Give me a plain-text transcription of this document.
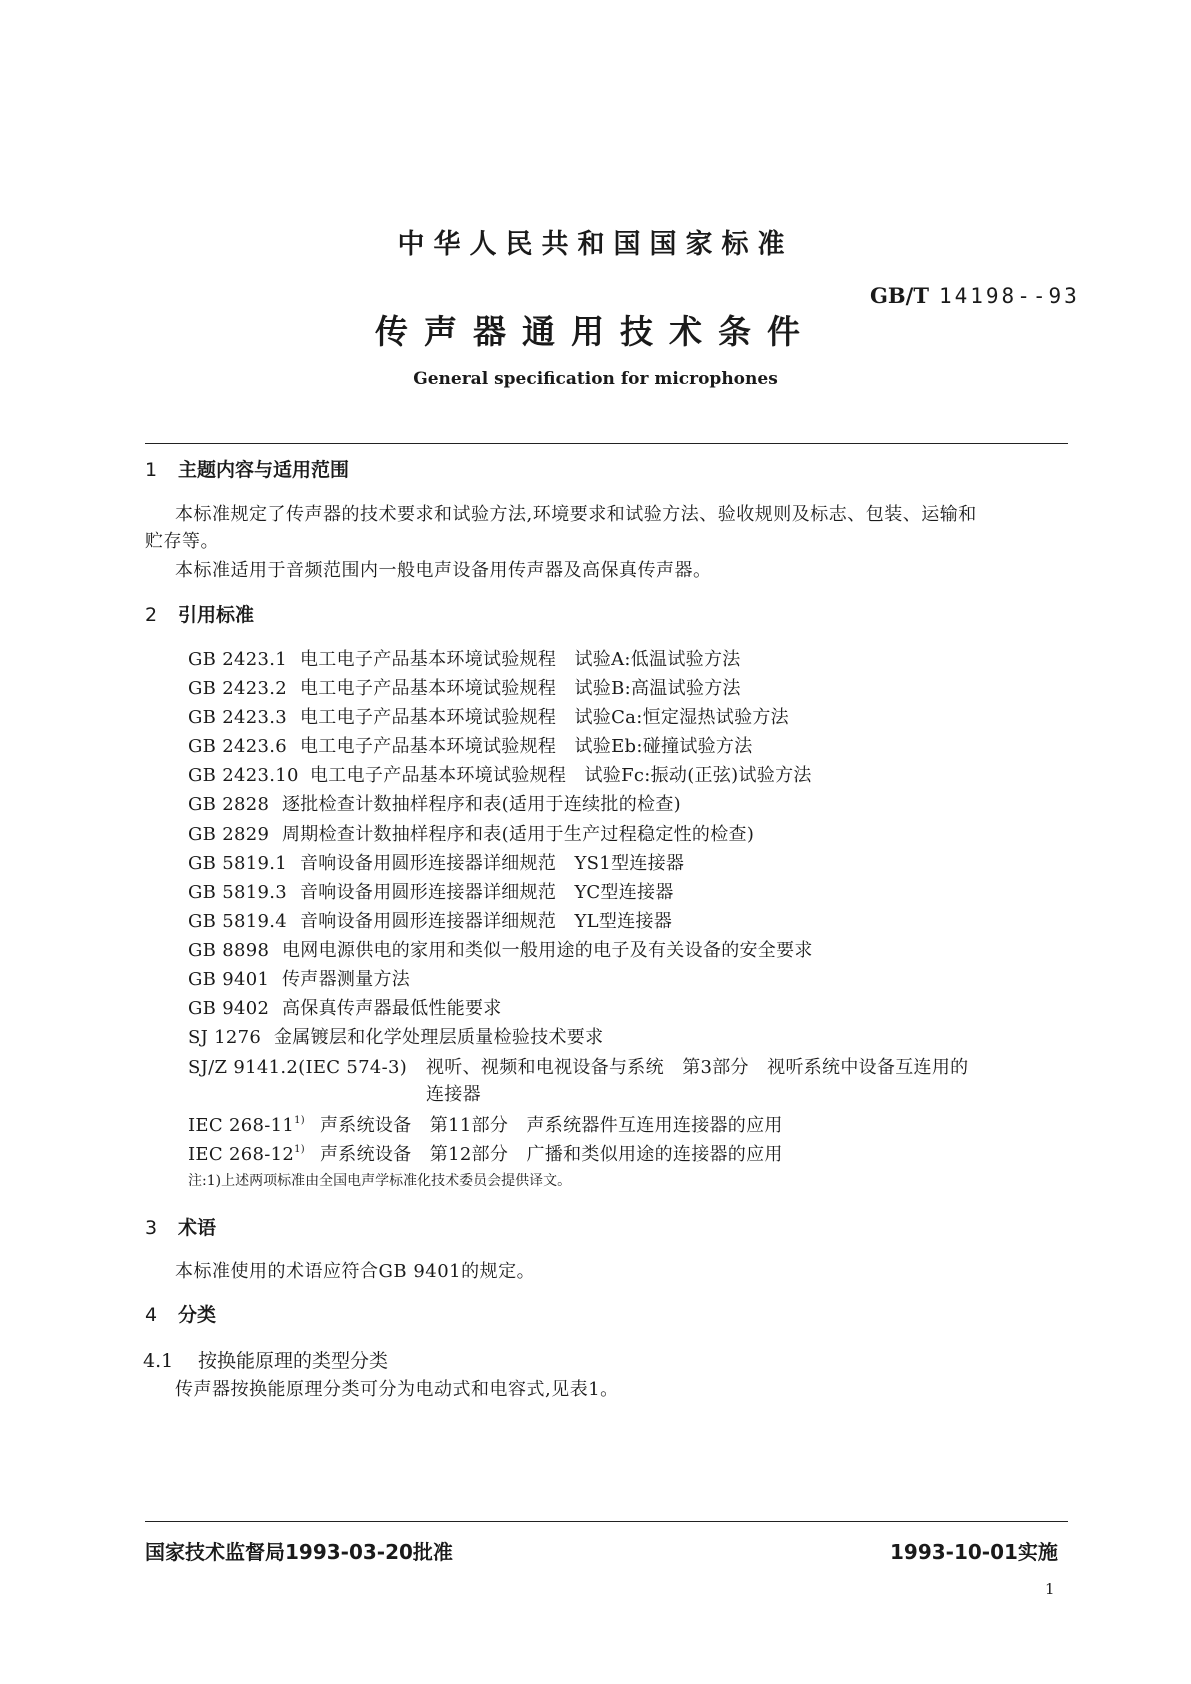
中华人民共和国国家标准
GB/T 14198--93
传声器通用技术条件
General specification for microphones
1 主题内容与适用范围
本标准规定了传声器的技术要求和试验方法,环境要求和试验方法、验收规则及标志、包装、运输和
贮存等。
本标准适用于音频范围内一般电声设备用传声器及高保真传声器。
2 引用标准
GB 2423.1 电工电子产品基本环境试验规程　试验A:低温试验方法
GB 2423.2 电工电子产品基本环境试验规程　试验B:高温试验方法
GB 2423.3 电工电子产品基本环境试验规程　试验Ca:恒定湿热试验方法
GB 2423.6 电工电子产品基本环境试验规程　试验Eb:碰撞试验方法
GB 2423.10 电工电子产品基本环境试验规程　试验Fc:振动(正弦)试验方法
GB 2828 逐批检查计数抽样程序和表(适用于连续批的检查)
GB 2829 周期检查计数抽样程序和表(适用于生产过程稳定性的检查)
GB 5819.1 音响设备用圆形连接器详细规范　YS1型连接器
GB 5819.3 音响设备用圆形连接器详细规范　YC型连接器
GB 5819.4 音响设备用圆形连接器详细规范　YL型连接器
GB 8898 电网电源供电的家用和类似一般用途的电子及有关设备的安全要求
GB 9401 传声器测量方法
GB 9402 高保真传声器最低性能要求
SJ 1276 金属镀层和化学处理层质量检验技术要求
SJ/Z 9141.2(IEC 574-3) 视听、视频和电视设备与系统　第3部分　视听系统中设备互连用的
连接器
IEC 268-11$^{1)}$ 声系统设备　第11部分　声系统器件互连用连接器的应用
IEC 268-12$^{1)}$ 声系统设备　第12部分　广播和类似用途的连接器的应用
注:1)上述两项标准由全国电声学标准化技术委员会提供译文。
3 术语
本标准使用的术语应符合GB 9401的规定。
4 分类
4.1 按换能原理的类型分类
传声器按换能原理分类可分为电动式和电容式,见表1。
国家技术监督局1993-03-20批准	1993-10-01实施
1
